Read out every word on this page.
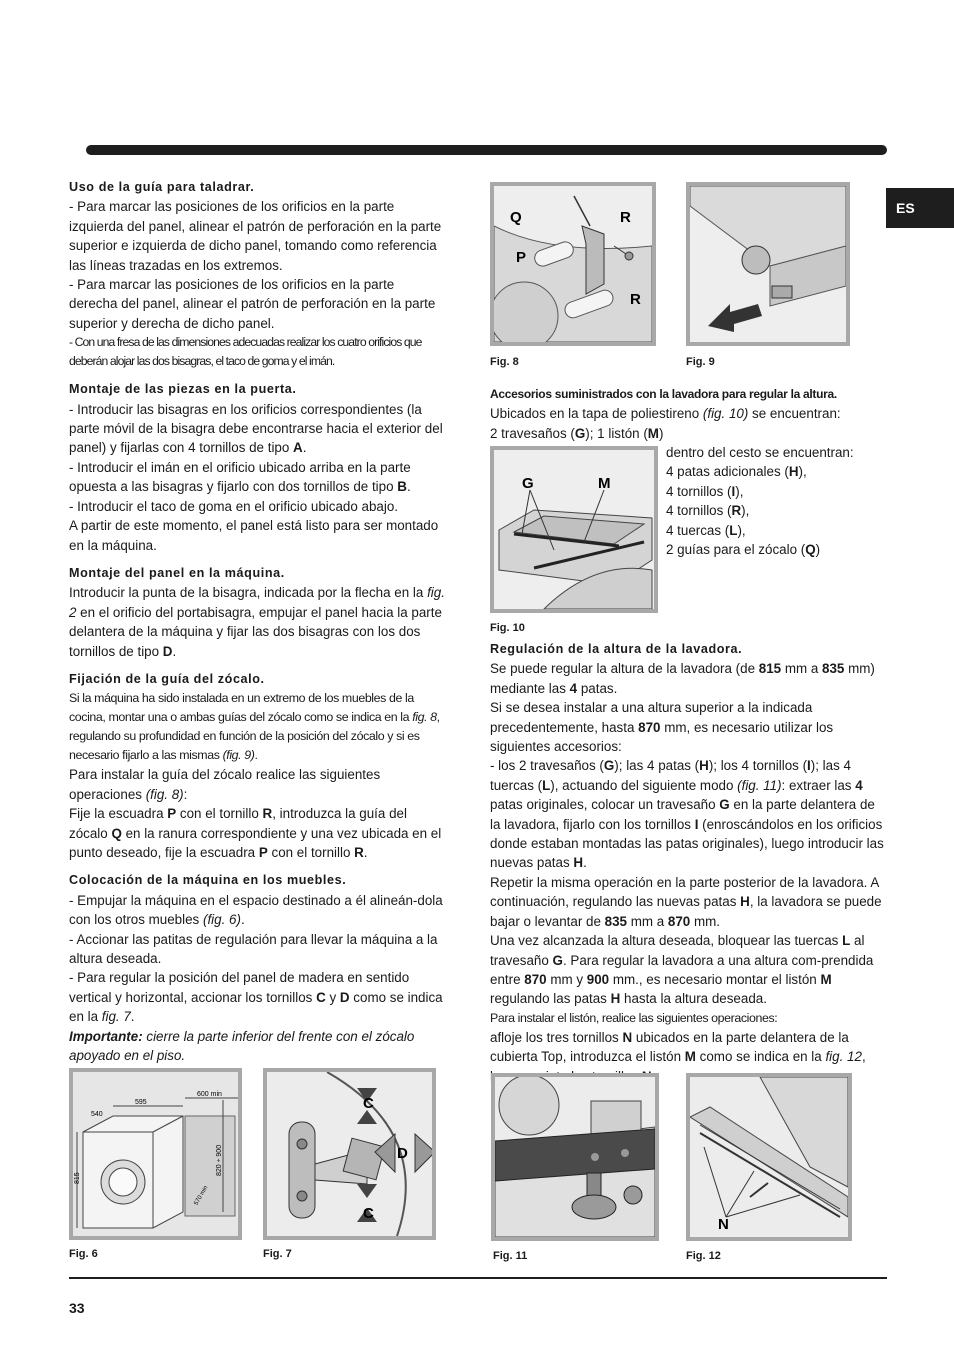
ES
Uso de la guía para taladrar.

- Para marcar las posiciones de los orificios en la parte izquierda del panel, alinear el patrón de perforación en la parte superior e izquierda de dicho panel, tomando como referencia las líneas trazadas en los extremos.

- Para marcar las posiciones de los orificios en la parte derecha del panel, alinear el patrón de perforación en la parte superior y derecha de dicho panel.

- Con una fresa de las dimensiones adecuadas realizar los cuatro orificios que deberán alojar las dos bisagras, el taco de goma y el imán.

Montaje de las piezas en la puerta.

- Introducir las bisagras en los orificios correspondientes (la parte móvil de la bisagra debe encontrarse hacia el exterior del panel) y fijarlas con 4 tornillos de tipo A.

- Introducir el imán en el orificio ubicado arriba en la parte opuesta a las bisagras y fijarlo con dos tornillos de tipo B.

- Introducir el taco de goma en el orificio ubicado abajo.

A partir de este momento, el panel está listo para ser montado en la máquina.

Montaje del panel en la máquina.

Introducir la punta de la bisagra, indicada por la flecha en la fig. 2 en el orificio del portabisagra, empujar el panel hacia la parte delantera de la máquina y fijar las dos bisagras con los dos tornillos de tipo D.

Fijación de la guía del zócalo.

Si la máquina ha sido instalada en un extremo de los muebles de la cocina, montar una o ambas guías del zócalo como se indica en la fig. 8, regulando su profundidad en función de la posición del zócalo y si es necesario fijarlo a las mismas (fig. 9).

Para instalar la guía del zócalo realice las siguientes operaciones (fig. 8):

Fije la escuadra P con el tornillo R, introduzca la guía del zócalo Q en la ranura correspondiente y una vez ubicada en el punto deseado, fije la escuadra P con el tornillo R.

Colocación de la máquina en los muebles.

- Empujar la máquina en el espacio destinado a él alineán-dola con los otros muebles (fig. 6).

- Accionar las patitas de regulación para llevar la máquina a la altura deseada.

- Para regular la posición del panel de madera en sentido vertical y horizontal, accionar los tornillos C y D como se indica en la fig. 7.

Importante: cierre la parte inferior del frente con el zócalo apoyado en el piso.

Accesorios suministrados con la lavadora para regular la altura.

Ubicados en la tapa de poliestireno (fig. 10) se encuentran:

2 travesaños (G); 1 listón (M)

dentro del cesto se encuentran:
4 patas adicionales (H),
4 tornillos (I),
4 tornillos (R),
4 tuercas (L),
2 guías para el zócalo (Q)
Regulación de la altura de la lavadora.

Se puede regular la altura de la lavadora (de 815 mm a 835 mm) mediante las 4 patas.

Si se desea instalar a una altura superior a la indicada precedentemente, hasta 870 mm, es necesario utilizar los siguientes accesorios:

- los 2 travesaños (G); las 4 patas (H); los 4 tornillos (I); las 4 tuercas (L), actuando del siguiente modo (fig. 11): extraer las 4 patas originales, colocar un travesaño G en la parte delantera de la lavadora, fijarlo con los tornillos I (enroscándolos en los orificios donde estaban montadas las patas originales), luego introducir las nuevas patas H.

Repetir la misma operación en la parte posterior de la lavadora. A continuación, regulando las nuevas patas H, la lavadora se puede bajar o levantar de 835 mm a 870 mm.

Una vez alcanzada la altura deseada, bloquear las tuercas L al travesaño G. Para regular la lavadora a una altura com-prendida entre 870 mm y 900 mm., es necesario montar el listón M regulando las patas H hasta la altura deseada.

Para instalar el listón, realice las siguientes operaciones:

afloje los tres tornillos N ubicados en la parte delantera de la cubierta Top, introduzca el listón M como se indica en la fig. 12,

Q	R
P
R
Fig. 8	Fig. 9
G	M
Fig. 10
540
595
600 min
815
820 ÷ 900
570 min
Fig. 6
C
D
C
Fig. 7	Fig. 11
N
Fig. 12
33
